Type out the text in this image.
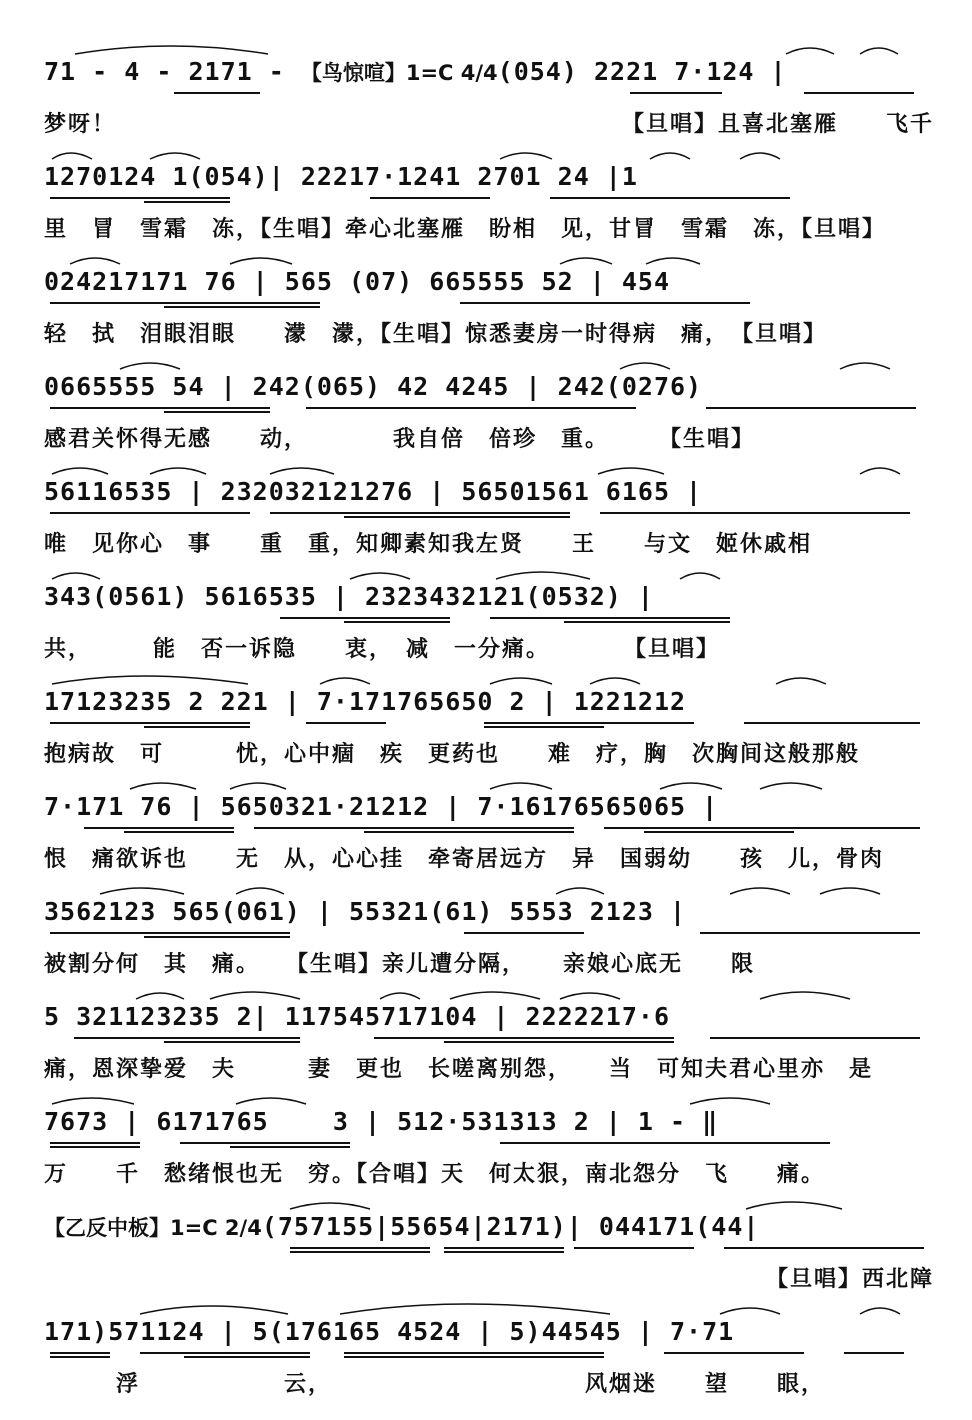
71 - 4 - 2171 - 【鸟惊喧】1=C 4/4(054) 2221 7·124 |
梦呀！	【旦唱】且喜北塞雁　　飞千
1270124 1(054)| 22217·1241 2701 24 |1
里　冒　雪霜　冻，【生唱】牵心北塞雁　盼相　见，甘冒　雪霜　冻，【旦唱】
024217171 76 | 565 (07) 665555 52 | 454
轻　拭　泪眼泪眼　　濛　濛，【生唱】惊悉妻房一时得病　痛，　【旦唱】
0665555 54 | 242(065) 42 4245 | 242(0276)
感君关怀得无感　　动，　　　　我自倍　倍珍　重。　　　【生唱】
56116535 | 232032121276 | 56501561 6165 |
唯　见你心　事　　重　重，知卿素知我左贤　　王　　与文　姬休戚相
343(0561) 5616535 | 2323432121(0532) |
共，　　　能　否一诉隐　　衷，　减　一分痛。　　　　【旦唱】
17123235 2 221 | 7·171765650 2 | 1221212
抱病故　可　　　忧，心中痼　疾　更药也　　难　疗，胸　次胸间这般那般
7·171 76 | 5650321·21212 | 7·16176565065 |
恨　痛欲诉也　　无　从，心心挂　牵寄居远方　异　国弱幼　　孩　儿，骨肉
3562123 565(061) | 55321(61) 5553 2123 |
被割分何　其　痛。　　【生唱】亲儿遭分隔，　　亲娘心底无　　限
5 321123235 2| 117545717104 | 2222217·6
痛，恩深挚爱　夫　　　妻　更也　长嗟离别怨，　　当　可知夫君心里亦　是
7673 | 6171765    3 | 512·531313 2 | 1 - ‖
万　　千　愁绪恨也无　穷。【合唱】天　何太狠，南北怨分　飞　　痛。
【乙反中板】1=C 2/4(757155|55654|2171)| 044171(44|
【旦唱】西北障
171)571124 | 5(176165 4524 | 5)44545 | 7·71
　　　浮　　　　　　云，　　　　　　　　　　　风烟迷　　望　　眼，
